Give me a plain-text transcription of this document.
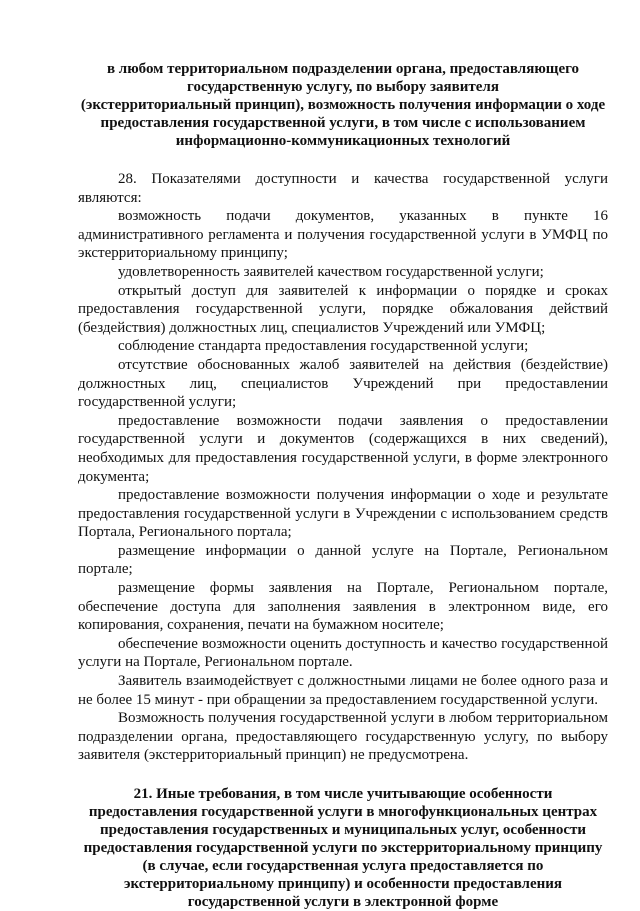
в любом территориальном подразделении органа, предоставляющего
государственную услугу, по выбору заявителя
(экстерриториальный принцип), возможность получения информации о ходе
предоставления государственной услуги, в том числе с использованием
информационно-коммуникационных технологий

28. Показателями доступности и качества государственной услуги являются:

возможность подачи документов, указанных в пункте 16 административного регламента и получения государственной услуги в УМФЦ по экстерриториальному принципу;

удовлетворенность заявителей качеством государственной услуги;

открытый доступ для заявителей к информации о порядке и сроках предоставления государственной услуги, порядке обжалования действий (бездействия) должностных лиц, специалистов Учреждений или УМФЦ;

соблюдение стандарта предоставления государственной услуги;

отсутствие обоснованных жалоб заявителей на действия (бездействие) должностных лиц, специалистов Учреждений при предоставлении государственной услуги;

предоставление возможности подачи заявления о предоставлении государственной услуги и документов (содержащихся в них сведений), необходимых для предоставления государственной услуги, в форме электронного документа;

предоставление возможности получения информации о ходе и результате предоставления государственной услуги в Учреждении с использованием средств Портала, Регионального портала;

размещение информации о данной услуге на Портале, Региональном портале;

размещение формы заявления на Портале, Региональном портале, обеспечение доступа для заполнения заявления в электронном виде, его копирования, сохранения, печати на бумажном носителе;

обеспечение возможности оценить доступность и качество государственной услуги на Портале, Региональном портале.

Заявитель взаимодействует с должностными лицами не более одного раза и не более 15 минут - при обращении за предоставлением государственной услуги.

Возможность получения государственной услуги в любом территориальном подразделении органа, предоставляющего государственную услугу, по выбору заявителя (экстерриториальный принцип) не предусмотрена.

21. Иные требования, в том числе учитывающие особенности
предоставления государственной услуги в многофункциональных центрах
предоставления государственных и муниципальных услуг, особенности
предоставления государственной услуги по экстерриториальному принципу
(в случае, если государственная услуга предоставляется по
экстерриториальному принципу) и особенности предоставления
государственной услуги в электронной форме
